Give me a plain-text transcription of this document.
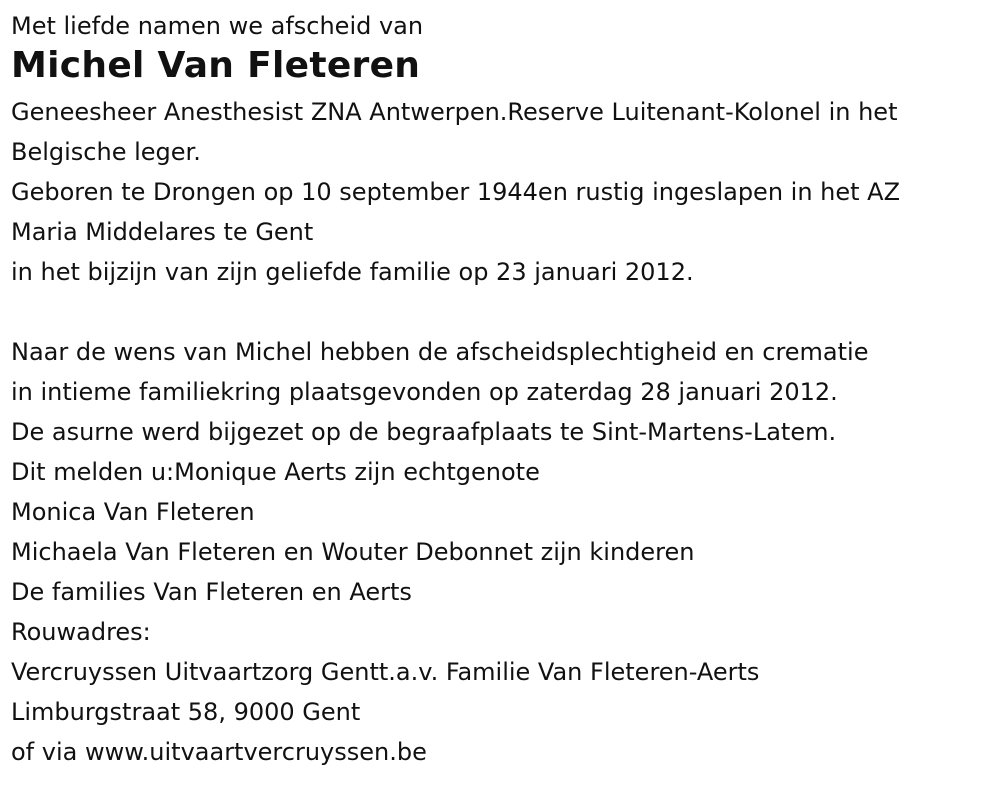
Met liefde namen we afscheid van

Michel Van Fleteren

Geneesheer Anesthesist ZNA Antwerpen.Reserve Luitenant-Kolonel in het

Belgische leger.

Geboren te Drongen op 10 september 1944en rustig ingeslapen in het AZ

Maria Middelares te Gent

in het bijzijn van zijn geliefde familie op 23 januari 2012.

Naar de wens van Michel hebben de afscheidsplechtigheid en crematie

in intieme familiekring plaatsgevonden op zaterdag 28 januari 2012.

De asurne werd bijgezet op de begraafplaats te Sint-Martens-Latem.

Dit melden u:Monique Aerts zijn echtgenote

Monica Van Fleteren

Michaela Van Fleteren en Wouter Debonnet zijn kinderen

De families Van Fleteren en Aerts

Rouwadres:

Vercruyssen Uitvaartzorg Gentt.a.v. Familie Van Fleteren-Aerts

Limburgstraat 58, 9000 Gent

of via www.uitvaartvercruyssen.be
